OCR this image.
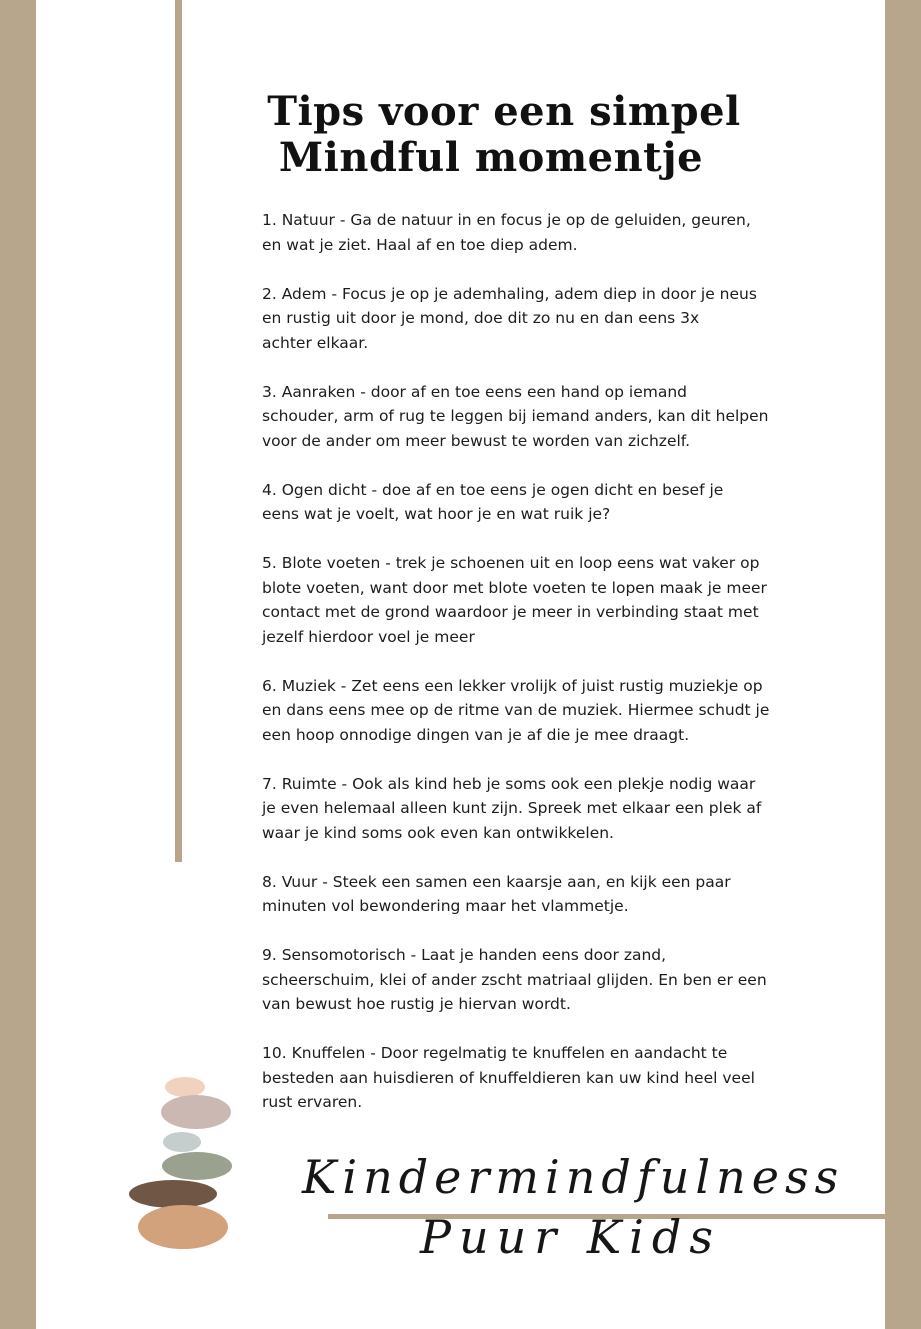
Tips voor een simpel
Mindful momentje

1. Natuur - Ga de natuur in en focus je op de geluiden, geuren,
en wat je ziet. Haal af en toe diep adem.

2. Adem - Focus je op je ademhaling, adem diep in door je neus
en rustig uit door je mond, doe dit zo nu en dan eens 3x
achter elkaar.

3. Aanraken - door af en toe eens een hand op iemand
schouder, arm of rug te leggen bij iemand anders, kan dit helpen
voor de ander om meer bewust te worden van zichzelf.

4. Ogen dicht - doe af en toe eens je ogen dicht en besef je
eens wat je voelt, wat hoor je en wat ruik je?

5. Blote voeten - trek je schoenen uit en loop eens wat vaker op
blote voeten, want door met blote voeten te lopen maak je meer
contact met de grond waardoor je meer in verbinding staat met
jezelf hierdoor voel je meer

6. Muziek - Zet eens een lekker vrolijk of juist rustig muziekje op
en dans eens mee op de ritme van de muziek. Hiermee schudt je
een hoop onnodige dingen van je af die je mee draagt.

7. Ruimte - Ook als kind heb je soms ook een plekje nodig waar
je even helemaal alleen kunt zijn. Spreek met elkaar een plek af
waar je kind soms ook even kan ontwikkelen.

8. Vuur - Steek een samen een kaarsje aan, en kijk een paar
minuten vol bewondering maar het vlammetje.

9. Sensomotorisch - Laat je handen eens door zand,
scheerschuim, klei of ander zscht matriaal glijden. En ben er een
van bewust hoe rustig je hiervan wordt.

10. Knuffelen - Door regelmatig te knuffelen en aandacht te
besteden aan huisdieren of knuffeldieren kan uw kind heel veel
rust ervaren.

Kindermindfulness
Puur Kids
